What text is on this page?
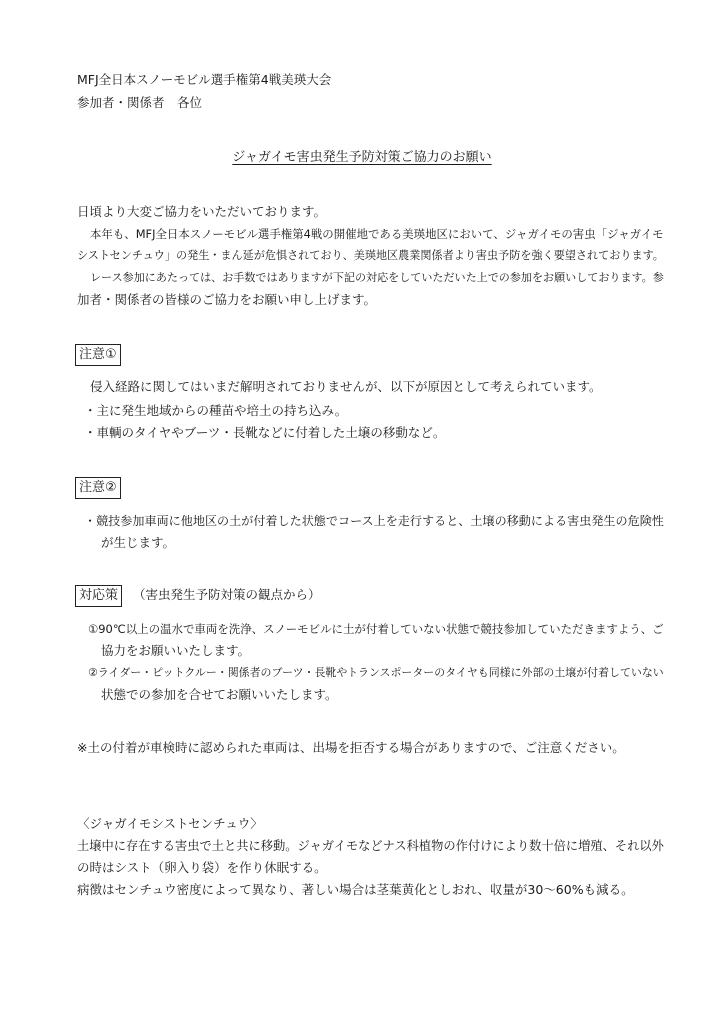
MFJ全日本スノーモビル選手権第4戦美瑛大会
参加者・関係者　各位
ジャガイモ害虫発生予防対策ご協力のお願い
日頃より大変ご協力をいただいております。
本年も、MFJ全日本スノーモビル選手権第4戦の開催地である美瑛地区において、ジャガイモの害虫「ジャガイモ
シストセンチュウ」の発生・まん延が危惧されており、美瑛地区農業関係者より害虫予防を強く要望されております。
レース参加にあたっては、お手数ではありますが下記の対応をしていただいた上での参加をお願いしております。参
加者・関係者の皆様のご協力をお願い申し上げます。
注意①
侵入経路に関してはいまだ解明されておりませんが、以下が原因として考えられています。
・主に発生地域からの種苗や培土の持ち込み。
・車輌のタイヤやブーツ・長靴などに付着した土壌の移動など。
注意②
・競技参加車両に他地区の土が付着した状態でコース上を走行すると、土壌の移動による害虫発生の危険性
が生じます。
対応策	（害虫発生予防対策の観点から）
①90℃以上の温水で車両を洗浄、スノーモビルに土が付着していない状態で競技参加していただきますよう、ご
協力をお願いいたします。
②ライダー・ピットクルー・関係者のブーツ・長靴やトランスポーターのタイヤも同様に外部の土壌が付着していない
状態での参加を合せてお願いいたします。
※土の付着が車検時に認められた車両は、出場を拒否する場合がありますので、ご注意ください。
〈ジャガイモシストセンチュウ〉
土壌中に存在する害虫で土と共に移動。ジャガイモなどナス科植物の作付けにより数十倍に増殖、それ以外
の時はシスト（卵入り袋）を作り休眠する。
病徴はセンチュウ密度によって異なり、著しい場合は茎葉黄化としおれ、収量が30～60%も減る。
